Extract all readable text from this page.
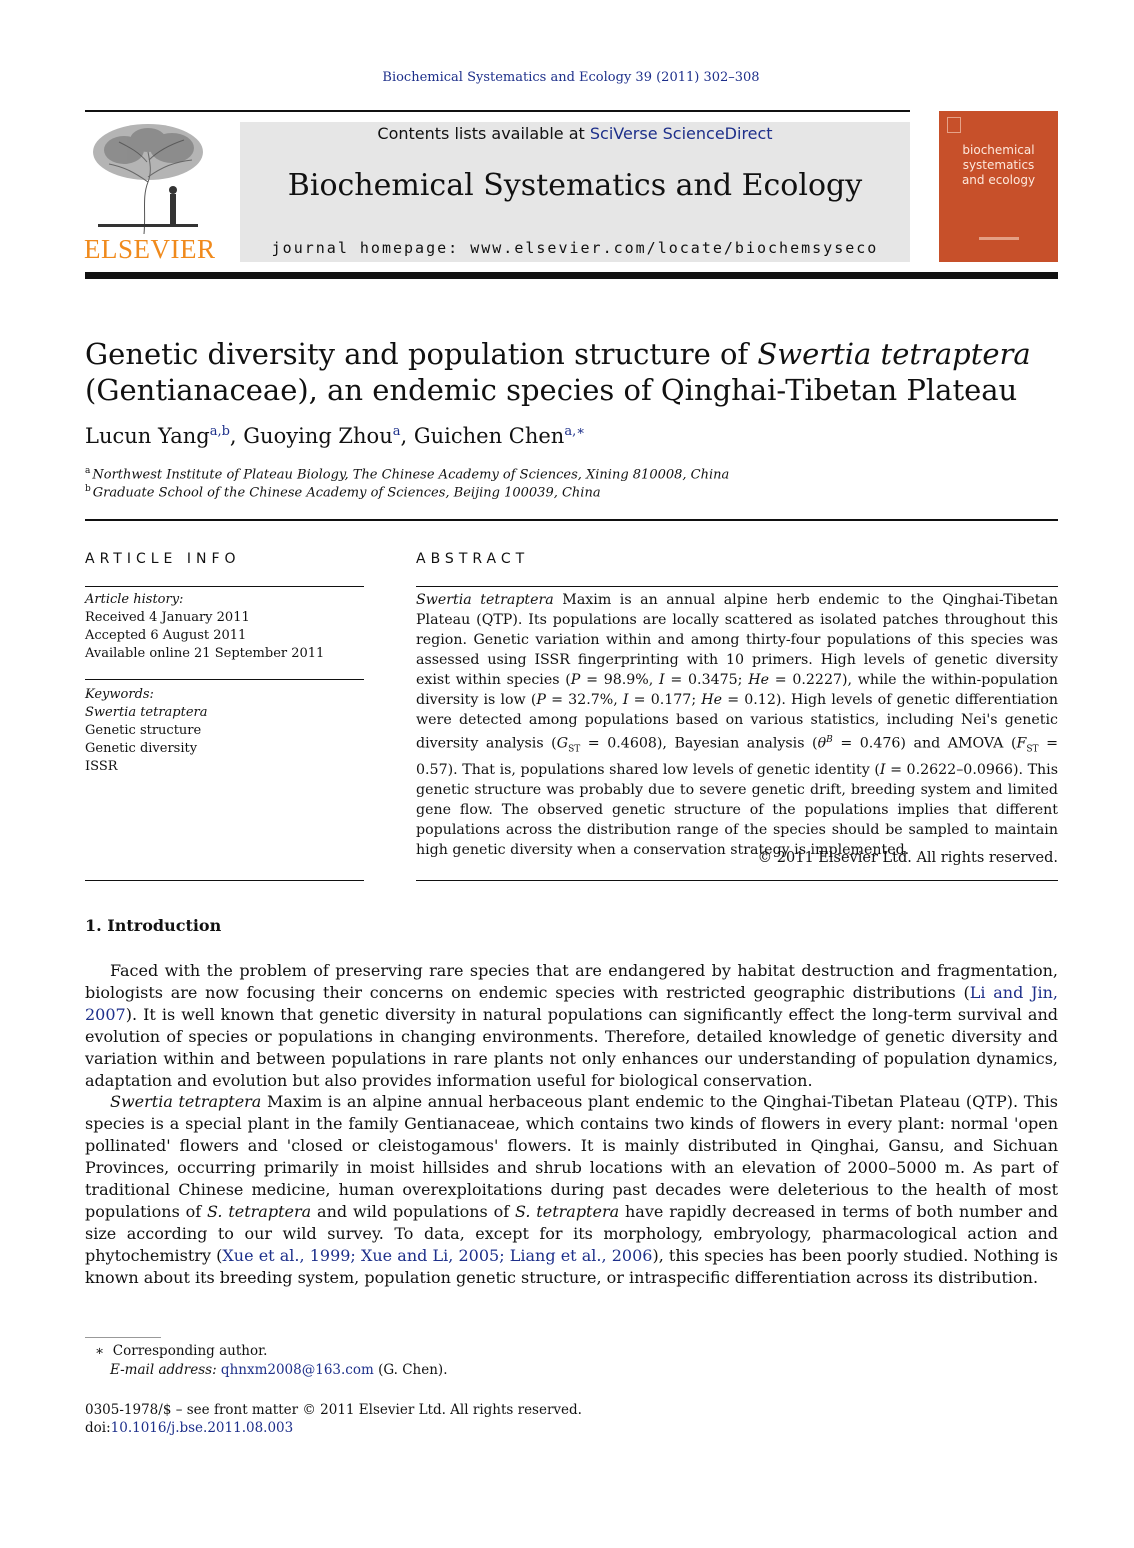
Biochemical Systematics and Ecology 39 (2011) 302–308
ELSEVIER
Contents lists available at SciVerse ScienceDirect
Biochemical Systematics and Ecology
journal homepage: www.elsevier.com/locate/biochemsyseco
biochemical
systematics
and ecology
Genetic diversity and population structure of Swertia tetraptera
(Gentianaceae), an endemic species of Qinghai-Tibetan Plateau
Lucun Yang$^{a,b}$, Guoying Zhou$^a$, Guichen Chen$^{a,∗}$
$^a$ Northwest Institute of Plateau Biology, The Chinese Academy of Sciences, Xining 810008, China
$^b$ Graduate School of the Chinese Academy of Sciences, Beijing 100039, China
ARTICLE INFO
Article history:
Received 4 January 2011
Accepted 6 August 2011
Available online 21 September 2011
Keywords:
Swertia tetraptera
Genetic structure
Genetic diversity
ISSR
ABSTRACT
Swertia tetraptera Maxim is an annual alpine herb endemic to the Qinghai-Tibetan Plateau (QTP). Its populations are locally scattered as isolated patches throughout this region. Genetic variation within and among thirty-four populations of this species was assessed using ISSR fingerprinting with 10 primers. High levels of genetic diversity exist within species (P = 98.9%, I = 0.3475; He = 0.2227), while the within-population diversity is low (P = 32.7%, I = 0.177; He = 0.12). High levels of genetic differentiation were detected among populations based on various statistics, including Nei's genetic diversity analysis $(G_{ST} = 0.4608)$, Bayesian analysis $(\theta^B = 0.476)$ and AMOVA $(F_{ST} = 0.57)$. That is, populations shared low levels of genetic identity (I = 0.2622–0.0966). This genetic structure was probably due to severe genetic drift, breeding system and limited gene flow. The observed genetic structure of the populations implies that different populations across the distribution range of the species should be sampled to maintain high genetic diversity when a conservation strategy is implemented.
© 2011 Elsevier Ltd. All rights reserved.
1. Introduction
Faced with the problem of preserving rare species that are endangered by habitat destruction and fragmentation, biologists are now focusing their concerns on endemic species with restricted geographic distributions (Li and Jin, 2007). It is well known that genetic diversity in natural populations can significantly effect the long-term survival and evolution of species or populations in changing environments. Therefore, detailed knowledge of genetic diversity and variation within and between populations in rare plants not only enhances our understanding of population dynamics, adaptation and evolution but also provides information useful for biological conservation.
Swertia tetraptera Maxim is an alpine annual herbaceous plant endemic to the Qinghai-Tibetan Plateau (QTP). This species is a special plant in the family Gentianaceae, which contains two kinds of flowers in every plant: normal 'open pollinated' flowers and 'closed or cleistogamous' flowers. It is mainly distributed in Qinghai, Gansu, and Sichuan Provinces, occurring primarily in moist hillsides and shrub locations with an elevation of 2000–5000 m. As part of traditional Chinese medicine, human overexploitations during past decades were deleterious to the health of most populations of S. tetraptera and wild populations of S. tetraptera have rapidly decreased in terms of both number and size according to our wild survey. To data, except for its morphology, embryology, pharmacological action and phytochemistry (Xue et al., 1999; Xue and Li, 2005; Liang et al., 2006), this species has been poorly studied. Nothing is known about its breeding system, population genetic structure, or intraspecific differentiation across its distribution.
∗ Corresponding author.
E-mail address: qhnxm2008@163.com (G. Chen).
0305-1978/$ – see front matter © 2011 Elsevier Ltd. All rights reserved.
doi:10.1016/j.bse.2011.08.003
